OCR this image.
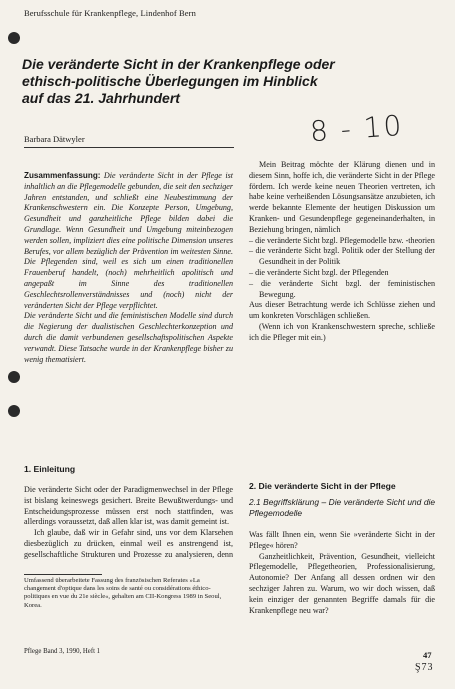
Berufsschule für Krankenpflege, Lindenhof Bern
Die veränderte Sicht in der Krankenpflege oder
ethisch-politische Überlegungen im Hinblick
auf das 21. Jahrhundert
8 - 10
Barbara Dätwyler

Zusammenfassung: Die veränderte Sicht in der Pflege ist inhaltlich an die Pflegemodelle gebunden, die seit den sechziger Jahren entstanden, und schließt eine Neubestimmung der Krankenschwestern ein. Die Konzepte Person, Umgebung, Gesundheit und ganzheitliche Pflege bilden dabei die Grundlage. Wenn Gesundheit und Umgebung miteinbezogen werden sollen, impliziert dies eine politische Dimension unseres Berufes, vor allem bezüglich der Prävention im weitesten Sinne. Die Pflegenden sind, weil es sich um einen traditionellen Frauenberuf handelt, (noch) mehrheitlich apolitisch und angepaßt im Sinne des traditionellen Geschlechtsrollenverständnisses und (noch) nicht der veränderten Sicht der Pflege verpflichtet.

Die veränderte Sicht und die feministischen Modelle sind durch die Negierung der dualistischen Geschlechterkonzeption und durch die damit verbundenen gesellschaftspolitischen Aspekte verwandt. Diese Tatsache wurde in der Krankenpflege bisher zu wenig thematisiert.

1. Einleitung

Die veränderte Sicht oder der Paradigmenwechsel in der Pflege ist bislang keineswegs gesichert. Breite Bewußtwerdungs- und Entscheidungsprozesse müssen erst noch stattfinden, was allerdings voraussetzt, daß allen klar ist, was damit gemeint ist.

Ich glaube, daß wir in Gefahr sind, uns vor dem Klarsehen diesbezüglich zu drücken, einmal weil es anstrengend ist, gesellschaftliche Strukturen und Prozesse zu analysieren, denn

Umfassend überarbeitete Fassung des französischen Referates »La changement d'optique dans les soins de santé ou considérations éthico-politiques en vue du 21e siècle«, gehalten am CII-Kongress 1989 in Seoul, Korea.

Mein Beitrag möchte der Klärung dienen und in diesem Sinn, hoffe ich, die veränderte Sicht in der Pflege fördern. Ich werde keine neuen Theorien vertreten, ich habe keine verheißenden Lösungsansätze anzubieten, ich werde bekannte Elemente der heutigen Diskussion um Kranken- und Gesundenpflege gegeneinanderhalten, in Beziehung bringen, nämlich

– die veränderte Sicht bzgl. Pflegemodelle bzw. -theorien
– die veränderte Sicht bzgl. Politik oder der Stellung der Gesundheit in der Politik
– die veränderte Sicht bzgl. der Pflegenden
– die veränderte Sicht bzgl. der feministischen Bewegung.

Aus dieser Betrachtung werde ich Schlüsse ziehen und um konkreten Vorschlägen schließen.

(Wenn ich von Krankenschwestern spreche, schließe ich die Pfleger mit ein.)

2. Die veränderte Sicht in der Pflege
2.1 Begriffsklärung – Die veränderte Sicht und die Pflegemodelle

Was fällt Ihnen ein, wenn Sie »veränderte Sicht in der Pflege« hören?

Ganzheitlichkeit, Prävention, Gesundheit, vielleicht Pflegemodelle, Pflegetheorien, Professionalisierung, Autonomie? Der Anfang all dessen ordnen wir den sechziger Jahren zu. Warum, wo wir doch wissen, daß kein einziger der genannten Begriffe damals für die Krankenpflege neu war?

Pflege Band 3, 1990, Heft 1	47
Ş73
